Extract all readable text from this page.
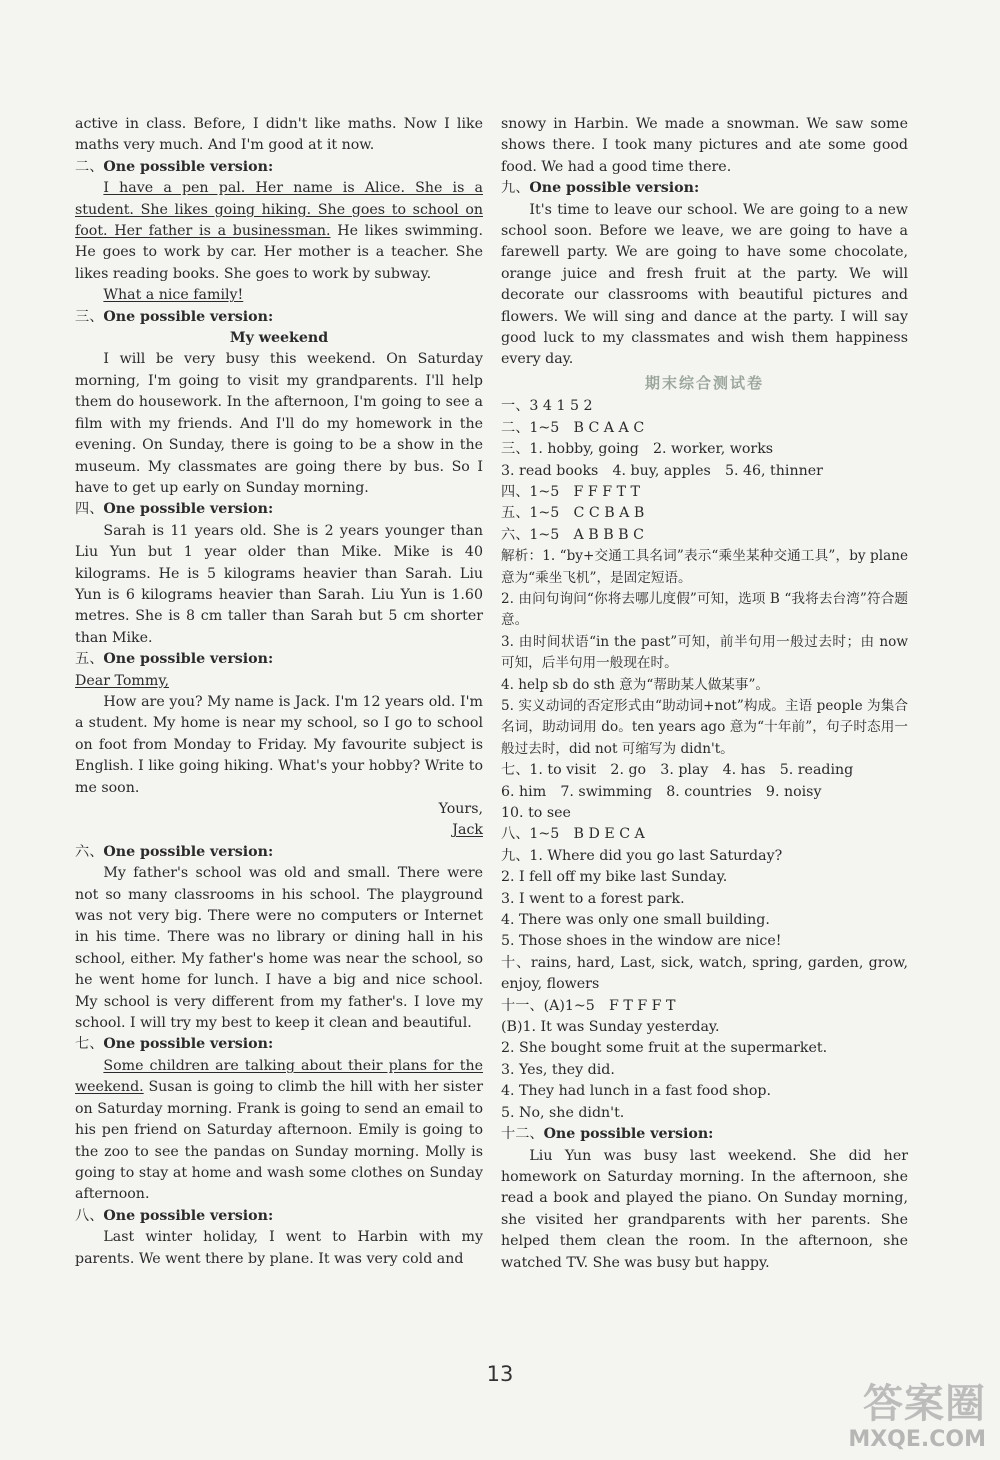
active in class. Before, I didn't like maths. Now I like maths very much. And I'm good at it now.

二、One possible version:

I have a pen pal. Her name is Alice. She is a student. She likes going hiking. She goes to school on foot. Her father is a businessman. He likes swimming. He goes to work by car. Her mother is a teacher. She likes reading books. She goes to work by subway.

What a nice family!

三、One possible version:

My weekend

I will be very busy this weekend. On Saturday morning, I'm going to visit my grandparents. I'll help them do housework. In the afternoon, I'm going to see a film with my friends. And I'll do my homework in the evening. On Sunday, there is going to be a show in the museum. My classmates are going there by bus. So I have to get up early on Sunday morning.

四、One possible version:

Sarah is 11 years old. She is 2 years younger than Liu Yun but 1 year older than Mike. Mike is 40 kilograms. He is 5 kilograms heavier than Sarah. Liu Yun is 6 kilograms heavier than Sarah. Liu Yun is 1.60 metres. She is 8 cm taller than Sarah but 5 cm shorter than Mike.

五、One possible version:

Dear Tommy,

How are you? My name is Jack. I'm 12 years old. I'm a student. My home is near my school, so I go to school on foot from Monday to Friday. My favourite subject is English. I like going hiking. What's your hobby? Write to me soon.

Yours,

Jack

六、One possible version:

My father's school was old and small. There were not so many classrooms in his school. The playground was not very big. There were no computers or Internet in his time. There was no library or dining hall in his school, either. My father's home was near the school, so he went home for lunch. I have a big and nice school. My school is very different from my father's. I love my school. I will try my best to keep it clean and beautiful.

七、One possible version:

Some children are talking about their plans for the weekend. Susan is going to climb the hill with her sister on Saturday morning. Frank is going to send an email to his pen friend on Saturday afternoon. Emily is going to the zoo to see the pandas on Sunday morning. Molly is going to stay at home and wash some clothes on Sunday afternoon.

八、One possible version:

Last winter holiday, I went to Harbin with my parents. We went there by plane. It was very cold and

snowy in Harbin. We made a snowman. We saw some shows there. I took many pictures and ate some good food. We had a good time there.

九、One possible version:

It's time to leave our school. We are going to a new school soon. Before we leave, we are going to have a farewell party. We are going to have some chocolate, orange juice and fresh fruit at the party. We will decorate our classrooms with beautiful pictures and flowers. We will sing and dance at the party. I will say good luck to my classmates and wish them happiness every day.

期末综合测试卷

一、3 4 1 5 2

二、1~5　B C A A C

三、1. hobby, going　2. worker, works

3. read books　4. buy, apples　5. 46, thinner

四、1~5　F F F T T

五、1~5　C C B A B

六、1~5　A B B B C

解析：1. “by+交通工具名词”表示“乘坐某种交通工具”，by plane 意为“乘坐飞机”，是固定短语。

2. 由问句询问“你将去哪儿度假”可知，选项 B “我将去台湾”符合题意。

3. 由时间状语“in the past”可知，前半句用一般过去时；由 now 可知，后半句用一般现在时。

4. help sb do sth 意为“帮助某人做某事”。

5. 实义动词的否定形式由“助动词+not”构成。主语 people 为集合名词，助动词用 do。ten years ago 意为“十年前”，句子时态用一般过去时，did not 可缩写为 didn't。

七、1. to visit　2. go　3. play　4. has　5. reading

6. him　7. swimming　8. countries　9. noisy

10. to see

八、1~5　B D E C A

九、1. Where did you go last Saturday?

2. I fell off my bike last Sunday.

3. I went to a forest park.

4. There was only one small building.

5. Those shoes in the window are nice!

十、rains, hard, Last, sick, watch, spring, garden, grow, enjoy, flowers

十一、(A)1~5　F T F F T

(B)1. It was Sunday yesterday.

2. She bought some fruit at the supermarket.

3. Yes, they did.

4. They had lunch in a fast food shop.

5. No, she didn't.

十二、One possible version:

Liu Yun was busy last weekend. She did her homework on Saturday morning. In the afternoon, she read a book and played the piano. On Sunday morning, she visited her grandparents with her parents. She helped them clean the room. In the afternoon, she watched TV. She was busy but happy.

13
答案圈
MXQE.COM
